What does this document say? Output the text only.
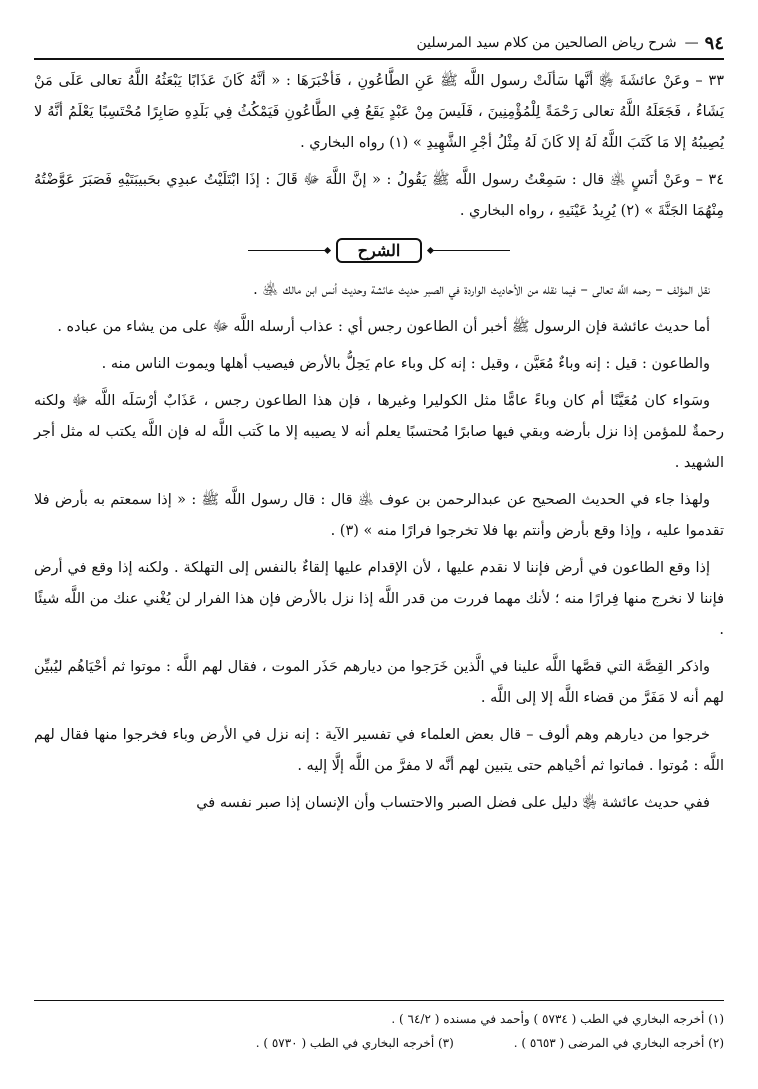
٩٤
—
شرح رياض الصالحين من كلام سيد المرسلين

٣٣ – وعَنْ عائشَةَ ﵂ أنَّها سَألَتْ رسول اللَّه ﷺ عَنِ الطَّاعُونِ ، فَأخْبَرَهَا : « أنَّهُ كَانَ عَذَابًا يَبْعَثُهُ اللَّهُ تعالى عَلَى مَنْ يَشَاءُ ، فَجَعَلَهُ اللَّهُ تعالى رَحْمَةً لِلْمُؤْمِنِينَ ، فَلَيسَ مِنْ عَبْدٍ يَقَعُ فِي الطَّاعُونِ فَيَمْكُثُ فِي بَلَدِهِ صَابِرًا مُحْتَسِبًا يَعْلَمُ أنَّهُ لا يُصِيبُهُ إلا مَا كَتَبَ اللَّهُ لَهُ إلا كَانَ لَهُ مِثْلُ أجْرِ الشَّهِيدِ » (١) رواه البخاري .

٣٤ – وعَنْ أنَسٍ ﵁ قال : سَمِعْتُ رسول اللَّه ﷺ يَقُولُ : « إنَّ اللَّهَ ﷻ قَالَ : إذَا ابْتَلَيْتُ عبدِي بحَبيبَتَيْهِ فَصَبَرَ عَوَّضْتُهُ مِنْهُمَا الجَنَّةَ » (٢) يُرِيدُ عَيْنَيهِ ، رواه البخاري .

الشرح

نقل المؤلف – رحمه اللَّه تعالى – فيما نقله من الأحاديث الواردة في الصبر حديث عائشة وحديث أنس ابن مالك ﵁ .

أما حديث عائشة فإن الرسول ﷺ أخبر أن الطاعون رجس أي : عذاب أرسله اللَّه ﷻ على من يشاء من عباده .

والطاعون : قيل : إنه وباءٌ مُعَيَّن ، وقيل : إنه كل وباء عام يَحِلُّ بالأرض فيصيب أهلها ويموت الناس منه .

وسَواء كان مُعَيَّنًا أم كان وباءً عامًّا مثل الكوليرا وغيرها ، فإن هذا الطاعون رجس ، عَذَابٌ أرْسَلَه اللَّه ﷻ ولكنه رحمةٌ للمؤمن إذا نزل بأرضه وبقي فيها صابرًا مُحتسبًا يعلم أنه لا يصيبه إلا ما كَتب اللَّه له فإن اللَّه يكتب له مثل أجر الشهيد .

ولهذا جاء في الحديث الصحيح عن عبدالرحمن بن عوف ﵁ قال : قال رسول اللَّه ﷺ : « إذا سمعتم به بأرض فلا تقدموا عليه ، وإذا وقع بأرض وأنتم بها فلا تخرجوا فرارًا منه » (٣) .

إذا وقع الطاعون في أرض فإننا لا نقدم عليها ، لأن الإقدام عليها إلقاءٌ بالنفس إلى التهلكة . ولكنه إذا وقع في أرض فإننا لا نخرج منها فِرارًا منه ؛ لأنك مهما فررت من قدر اللَّه إذا نزل بالأرض فإن هذا الفرار لن يُغْني عنك من اللَّه شيئًا .

واذكر القِصَّة التي قصَّها اللَّه علينا في الَّذين خَرَجوا من ديارهم حَذَر الموت ، فقال لهم اللَّه : موتوا ثم أحْيَاهُم ليُبيِّن لهم أنه لا مَفَرَّ من قضاء اللَّه إلا إلى اللَّه .

خرجوا من ديارهم وهم ألوف – قال بعض العلماء في تفسير الآية : إنه نزل في الأرض وباء فخرجوا منها فقال لهم اللَّه : مُوتوا . فماتوا ثم أحْياهم حتى يتبين لهم أنَّه لا مفرَّ من اللَّه إلَّا إليه .

ففي حديث عائشة ﵂ دليل على فضل الصبر والاحتساب وأن الإنسان إذا صبر نفسه في

(١) أخرجه البخاري في الطب ( ٥٧٣٤ ) وأحمد في مسنده ( ٦٤/٢ ) .
(٢) أخرجه البخاري في المرضى ( ٥٦٥٣ ) .
(٣) أخرجه البخاري في الطب ( ٥٧٣٠ ) .
